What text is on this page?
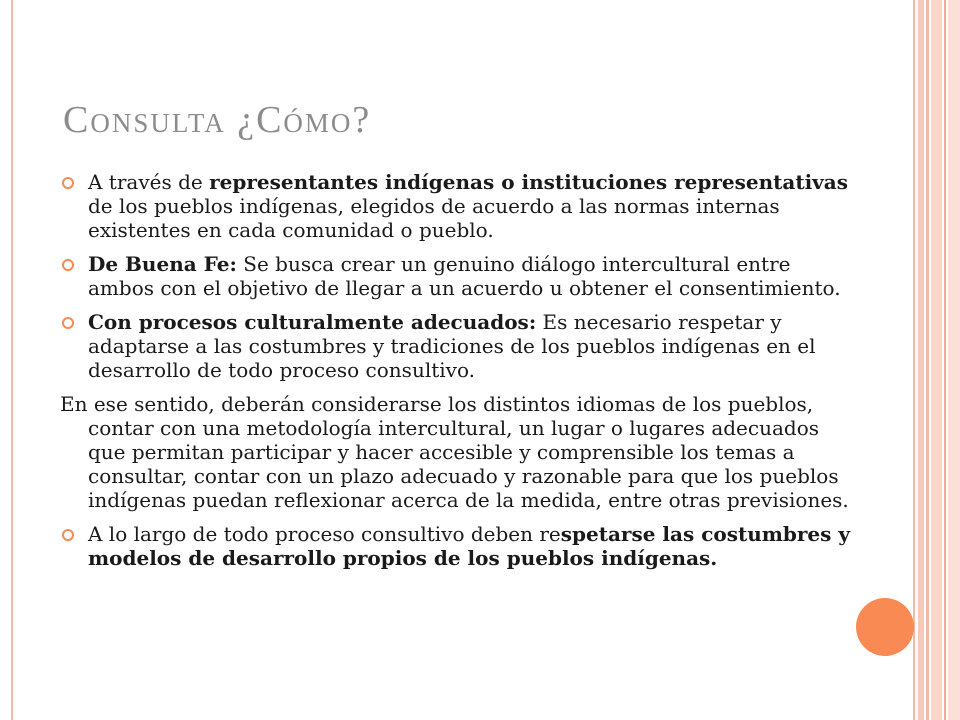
Consulta ¿Cómo?
A través de representantes indígenas o instituciones representativas de los pueblos indígenas, elegidos de acuerdo a las normas internas existentes en cada comunidad o pueblo.
De Buena Fe: Se busca crear un genuino diálogo intercultural entre ambos con el objetivo de llegar a un acuerdo u obtener el consentimiento.
Con procesos culturalmente adecuados: Es necesario respetar y adaptarse a las costumbres y tradiciones de los pueblos indígenas en el desarrollo de todo proceso consultivo.
En ese sentido, deberán considerarse los distintos idiomas de los pueblos, contar con una metodología intercultural, un lugar o lugares adecuados que permitan participar y hacer accesible y comprensible los temas a consultar, contar con un plazo adecuado y razonable para que los pueblos indígenas puedan reflexionar acerca de la medida, entre otras previsiones.
A lo largo de todo proceso consultivo deben respetarse las costumbres y modelos de desarrollo propios de los pueblos indígenas.
